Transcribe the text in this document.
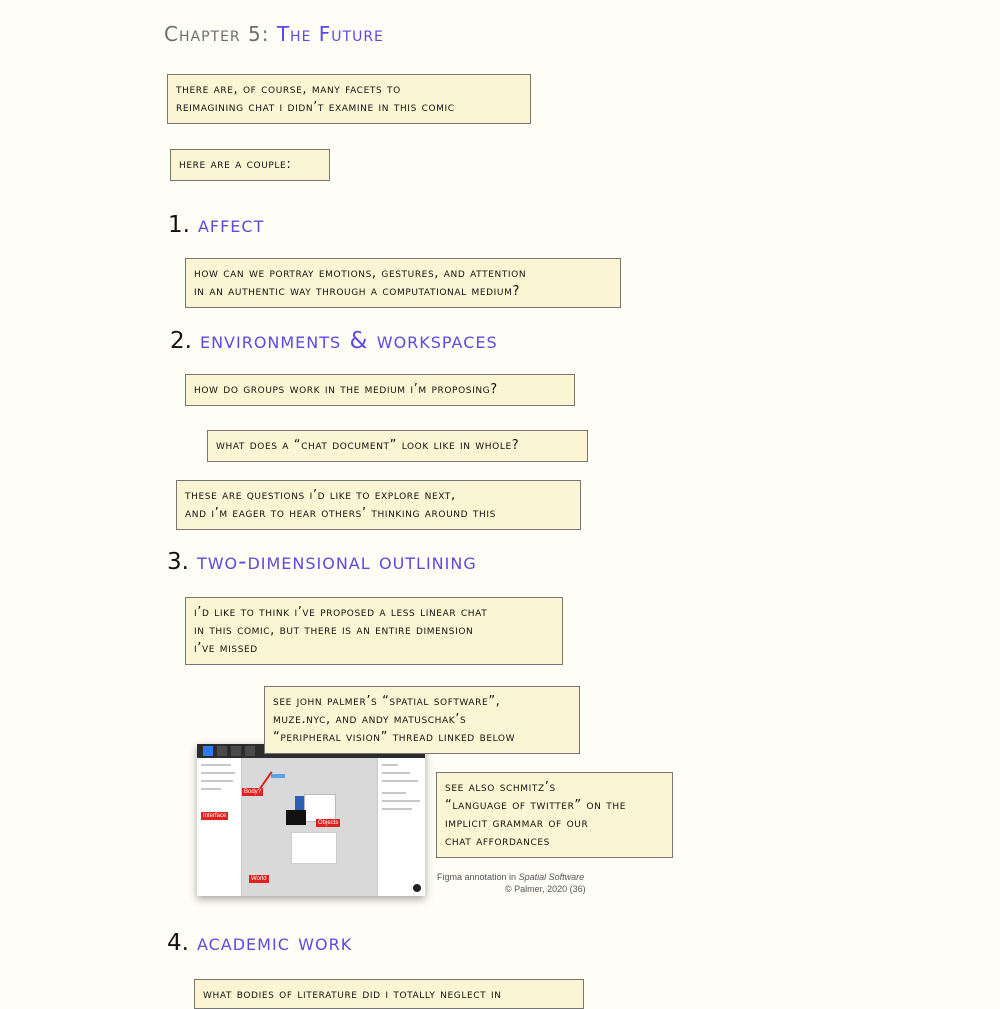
Chapter 5: The Future
there are, of course, many facets to
reimagining chat i didn’t examine in this comic
here are a couple:
1. affect
how can we portray emotions, gestures, and attention
in an authentic way through a computational medium?
2. environments & workspaces
how do groups work in the medium i’m proposing?
what does a “chat document” look like in whole?
these are questions i’d like to explore next,
and i’m eager to hear others’ thinking around this
3. two-dimensional outlining
i’d like to think i’ve proposed a less linear chat
in this comic, but there is an entire dimension
i’ve missed
Body?
Interface
Objects
World
see john palmer’s “spatial software”,
muze.nyc, and andy matuschak’s
“peripheral vision” thread linked below
see also schmitz’s
“language of twitter” on the
implicit grammar of our
chat affordances
Figma annotation in Spatial Software
© Palmer, 2020 (36)
4. academic work
what bodies of literature did i totally neglect in
